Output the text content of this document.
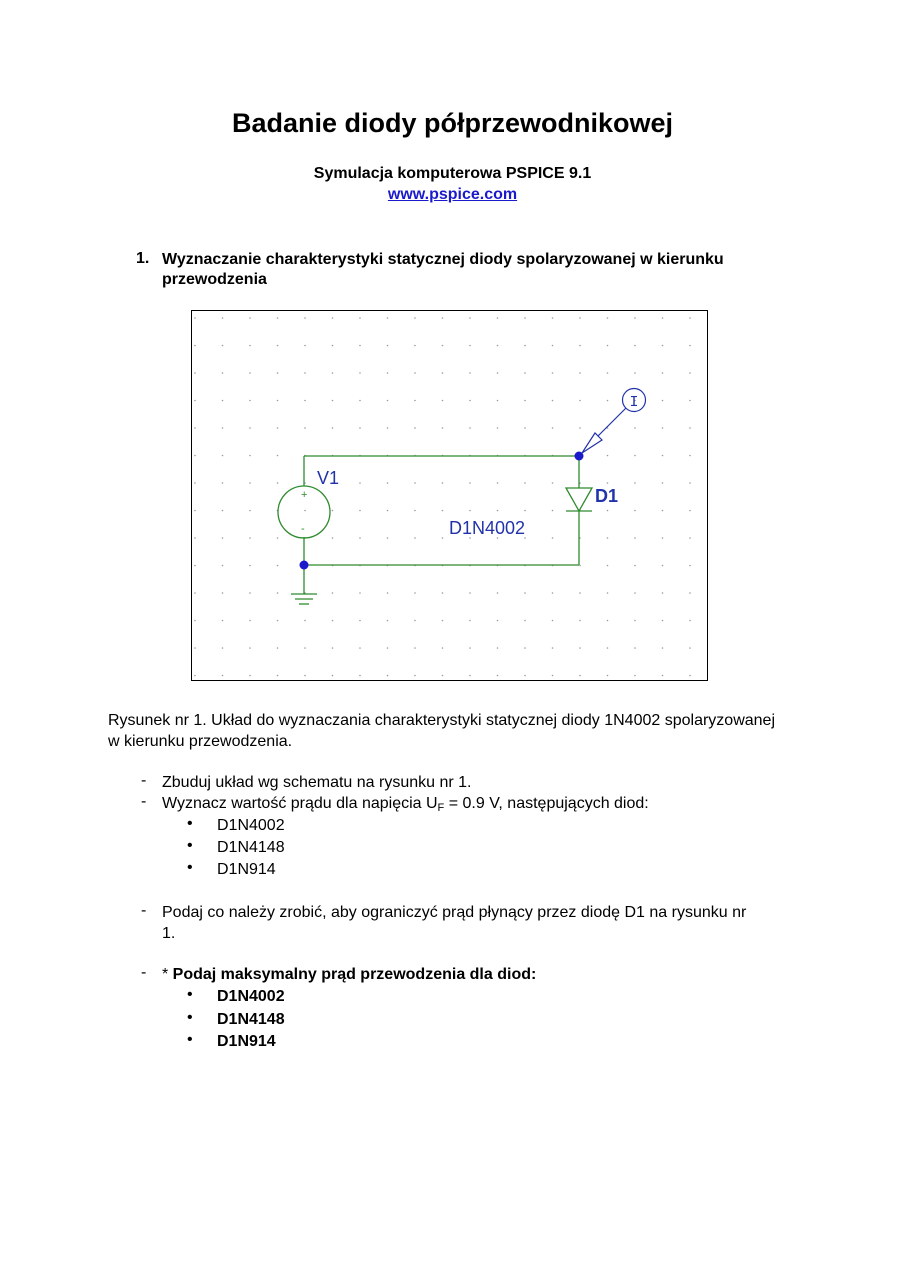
Badanie diody półprzewodnikowej
Symulacja komputerowa PSPICE 9.1
www.pspice.com
1. Wyznaczanie charakterystyki statycznej diody spolaryzowanej w kierunku przewodzenia
+
-
I
V1
D1
D1N4002
Rysunek nr 1. Układ do wyznaczania charakterystyki statycznej diody 1N4002 spolaryzowanej w kierunku przewodzenia.
- Zbuduj układ wg schematu na rysunku nr 1.
- Wyznacz wartość prądu dla napięcia $U_F = 0.9$ V, następujących diod:
• D1N4002
• D1N4148
• D1N914
- Podaj co należy zrobić, aby ograniczyć prąd płynący przez diodę D1 na rysunku nr 1.
- * Podaj maksymalny prąd przewodzenia dla diod:
• D1N4002
• D1N4148
• D1N914
